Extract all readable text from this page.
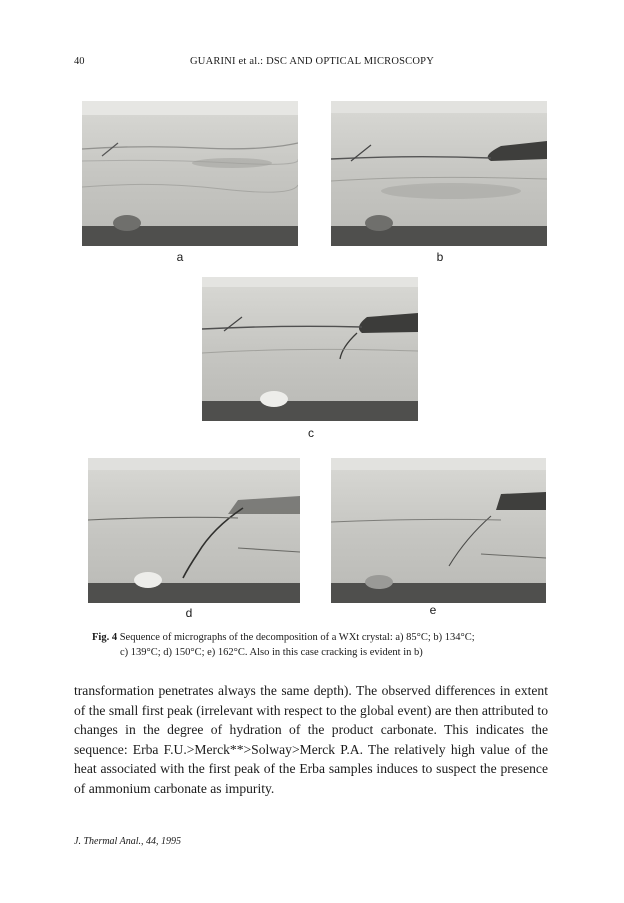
40	GUARINI et al.: DSC AND OPTICAL MICROSCOPY
a	b
c
d	e
Fig. 4 Sequence of micrographs of the decomposition of a WXt crystal: a) 85°C; b) 134°C;
c) 139°C; d) 150°C; e) 162°C. Also in this case cracking is evident in b)
transformation penetrates always the same depth). The observed differences in extent of the small first peak (irrelevant with respect to the global event) are then attributed to changes in the degree of hydration of the product carbonate. This indicates the sequence: Erba F.U.>Merck**>Solway>Merck P.A. The relatively high value of the heat associated with the first peak of the Erba samples induces to suspect the presence of ammonium carbonate as impurity.
J. Thermal Anal., 44, 1995
